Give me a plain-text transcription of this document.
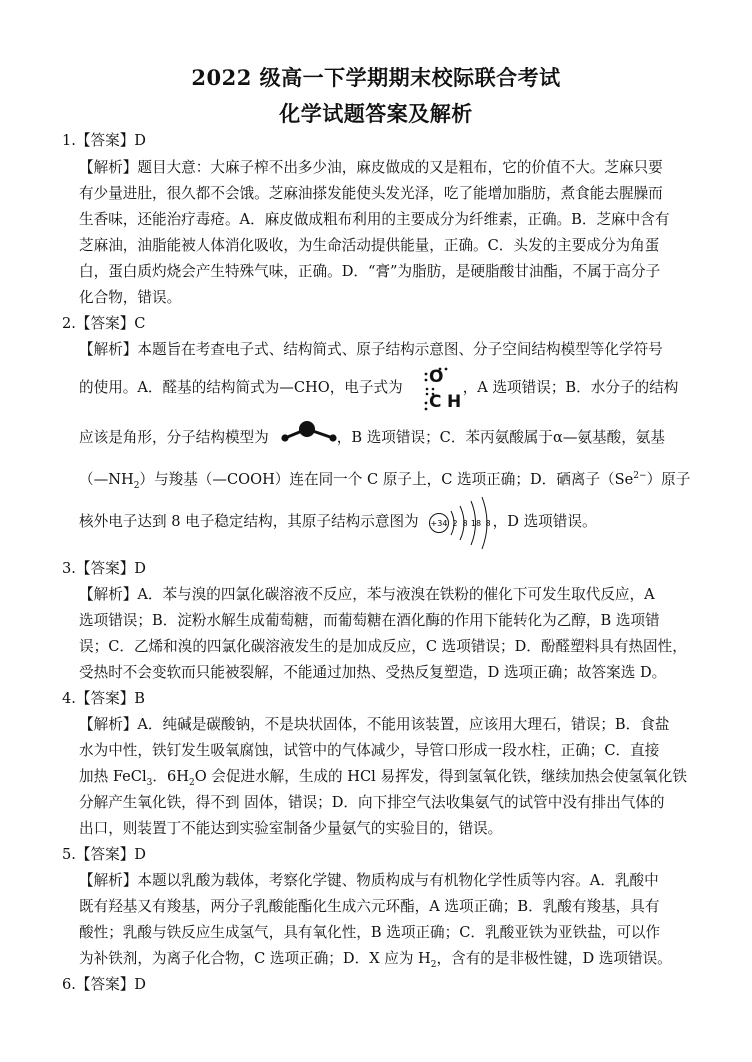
2022 级高一下学期期末校际联合考试
化学试题答案及解析
1.【答案】D
【解析】题目大意：大麻子榨不出多少油，麻皮做成的又是粗布，它的价值不大。芝麻只要
有少量进肚，很久都不会饿。芝麻油搽发能使头发光泽，吃了能增加脂肪，煮食能去腥臊而
生香味，还能治疗毒疮。A．麻皮做成粗布利用的主要成分为纤维素，正确。B．芝麻中含有
芝麻油，油脂能被人体消化吸收，为生命活动提供能量，正确。C．头发的主要成分为角蛋
白，蛋白质灼烧会产生特殊气味，正确。D．“膏”为脂肪，是硬脂酸甘油酯，不属于高分子
化合物，错误。
2.【答案】C
【解析】本题旨在考查电子式、结构简式、原子结构示意图、分子空间结构模型等化学符号
的使用。A．醛基的结构简式为—CHO，电子式为	，A 选项错误；B．水分子的结构
O
C H
应该是角形，分子结构模型为	，B 选项错误；C．苯丙氨酸属于α—氨基酸，氨基
$(—NH_2)$与羧基（—COOH）连在同一个 C 原子上，C 选项正确；D．硒离子$(Se^{2-})$原子
核外电子达到 8 电子稳定结构，其原子结构示意图为	，D 选项错误。
+34 2 8 18 8
3.【答案】D
【解析】A．苯与溴的四氯化碳溶液不反应，苯与液溴在铁粉的催化下可发生取代反应，A
选项错误；B．淀粉水解生成葡萄糖，而葡萄糖在酒化酶的作用下能转化为乙醇，B 选项错
误；C．乙烯和溴的四氯化碳溶液发生的是加成反应，C 选项错误；D．酚醛塑料具有热固性，
受热时不会变软而只能被裂解，不能通过加热、受热反复塑造，D 选项正确；故答案选 D。
4.【答案】B
【解析】A．纯碱是碳酸钠，不是块状固体，不能用该装置，应该用大理石，错误；B．食盐
水为中性，铁钉发生吸氧腐蚀，试管中的气体减少，导管口形成一段水柱，正确；C．直接
加热 FeCl$_3$．$6H_2O$ 会促进水解，生成的 HCl 易挥发，得到氢氧化铁，继续加热会使氢氧化铁
分解产生氧化铁，得不到 固体，错误；D．向下排空气法收集氨气的试管中没有排出气体的
出口，则装置丁不能达到实验室制备少量氨气的实验目的，错误。
5.【答案】D
【解析】本题以乳酸为载体，考察化学键、物质构成与有机物化学性质等内容。A．乳酸中
既有羟基又有羧基，两分子乳酸能酯化生成六元环酯，A 选项正确；B．乳酸有羧基，具有
酸性；乳酸与铁反应生成氢气，具有氧化性，B 选项正确；C．乳酸亚铁为亚铁盐，可以作
为补铁剂，为离子化合物，C 选项正确；D．X 应为 $H_2$，含有的是非极性键，D 选项错误。
6.【答案】D
